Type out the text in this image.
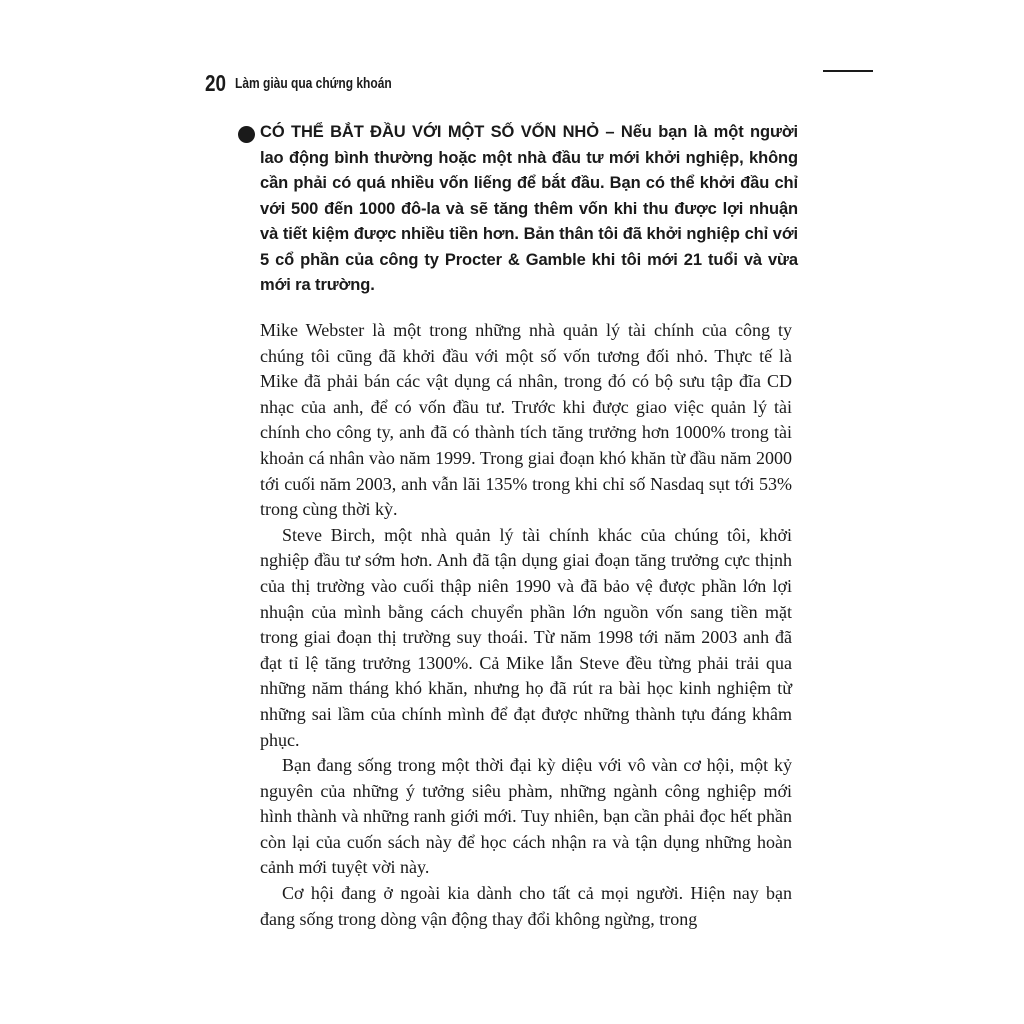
20 Làm giàu qua chứng khoán

CÓ THỂ BẮT ĐẦU VỚI MỘT SỐ VỐN NHỎ – Nếu bạn là một người lao động bình thường hoặc một nhà đầu tư mới khởi nghiệp, không cần phải có quá nhiều vốn liếng để bắt đầu. Bạn có thể khởi đầu chỉ với 500 đến 1000 đô-la và sẽ tăng thêm vốn khi thu được lợi nhuận và tiết kiệm được nhiều tiền hơn. Bản thân tôi đã khởi nghiệp chỉ với 5 cổ phần của công ty Procter & Gamble khi tôi mới 21 tuổi và vừa mới ra trường.

Mike Webster là một trong những nhà quản lý tài chính của công ty chúng tôi cũng đã khởi đầu với một số vốn tương đối nhỏ. Thực tế là Mike đã phải bán các vật dụng cá nhân, trong đó có bộ sưu tập đĩa CD nhạc của anh, để có vốn đầu tư. Trước khi được giao việc quản lý tài chính cho công ty, anh đã có thành tích tăng trưởng hơn 1000% trong tài khoản cá nhân vào năm 1999. Trong giai đoạn khó khăn từ đầu năm 2000 tới cuối năm 2003, anh vẫn lãi 135% trong khi chỉ số Nasdaq sụt tới 53% trong cùng thời kỳ.

Steve Birch, một nhà quản lý tài chính khác của chúng tôi, khởi nghiệp đầu tư sớm hơn. Anh đã tận dụng giai đoạn tăng trưởng cực thịnh của thị trường vào cuối thập niên 1990 và đã bảo vệ được phần lớn lợi nhuận của mình bằng cách chuyển phần lớn nguồn vốn sang tiền mặt trong giai đoạn thị trường suy thoái. Từ năm 1998 tới năm 2003 anh đã đạt tỉ lệ tăng trưởng 1300%. Cả Mike lẫn Steve đều từng phải trải qua những năm tháng khó khăn, nhưng họ đã rút ra bài học kinh nghiệm từ những sai lầm của chính mình để đạt được những thành tựu đáng khâm phục.

Bạn đang sống trong một thời đại kỳ diệu với vô vàn cơ hội, một kỷ nguyên của những ý tưởng siêu phàm, những ngành công nghiệp mới hình thành và những ranh giới mới. Tuy nhiên, bạn cần phải đọc hết phần còn lại của cuốn sách này để học cách nhận ra và tận dụng những hoàn cảnh mới tuyệt vời này.

Cơ hội đang ở ngoài kia dành cho tất cả mọi người. Hiện nay bạn đang sống trong dòng vận động thay đổi không ngừng, trong
